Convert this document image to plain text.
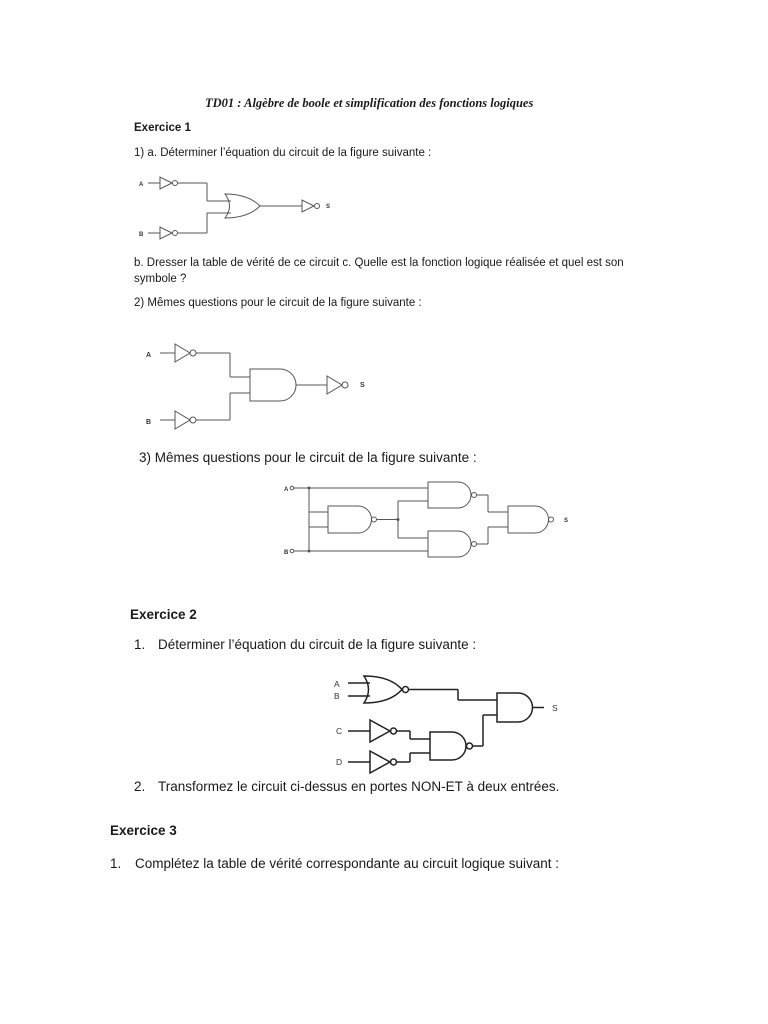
TD01 : Algèbre de boole et simplification des fonctions logiques
Exercice 1
1) a. Déterminer l’équation du circuit de la figure suivante :
A
B
S
b. Dresser la table de vérité de ce circuit c. Quelle est la fonction logique réalisée et quel est son
symbole ?
2) Mêmes questions pour le circuit de la figure suivante :
A
B
S
3) Mêmes questions pour le circuit de la figure suivante :
A
B
S
Exercice 2
1. Déterminer l’équation du circuit de la figure suivante :
A
B
C
D
S
2. Transformez le circuit ci-dessus en portes NON-ET à deux entrées.
Exercice 3
1. Complétez la table de vérité correspondante au circuit logique suivant :
